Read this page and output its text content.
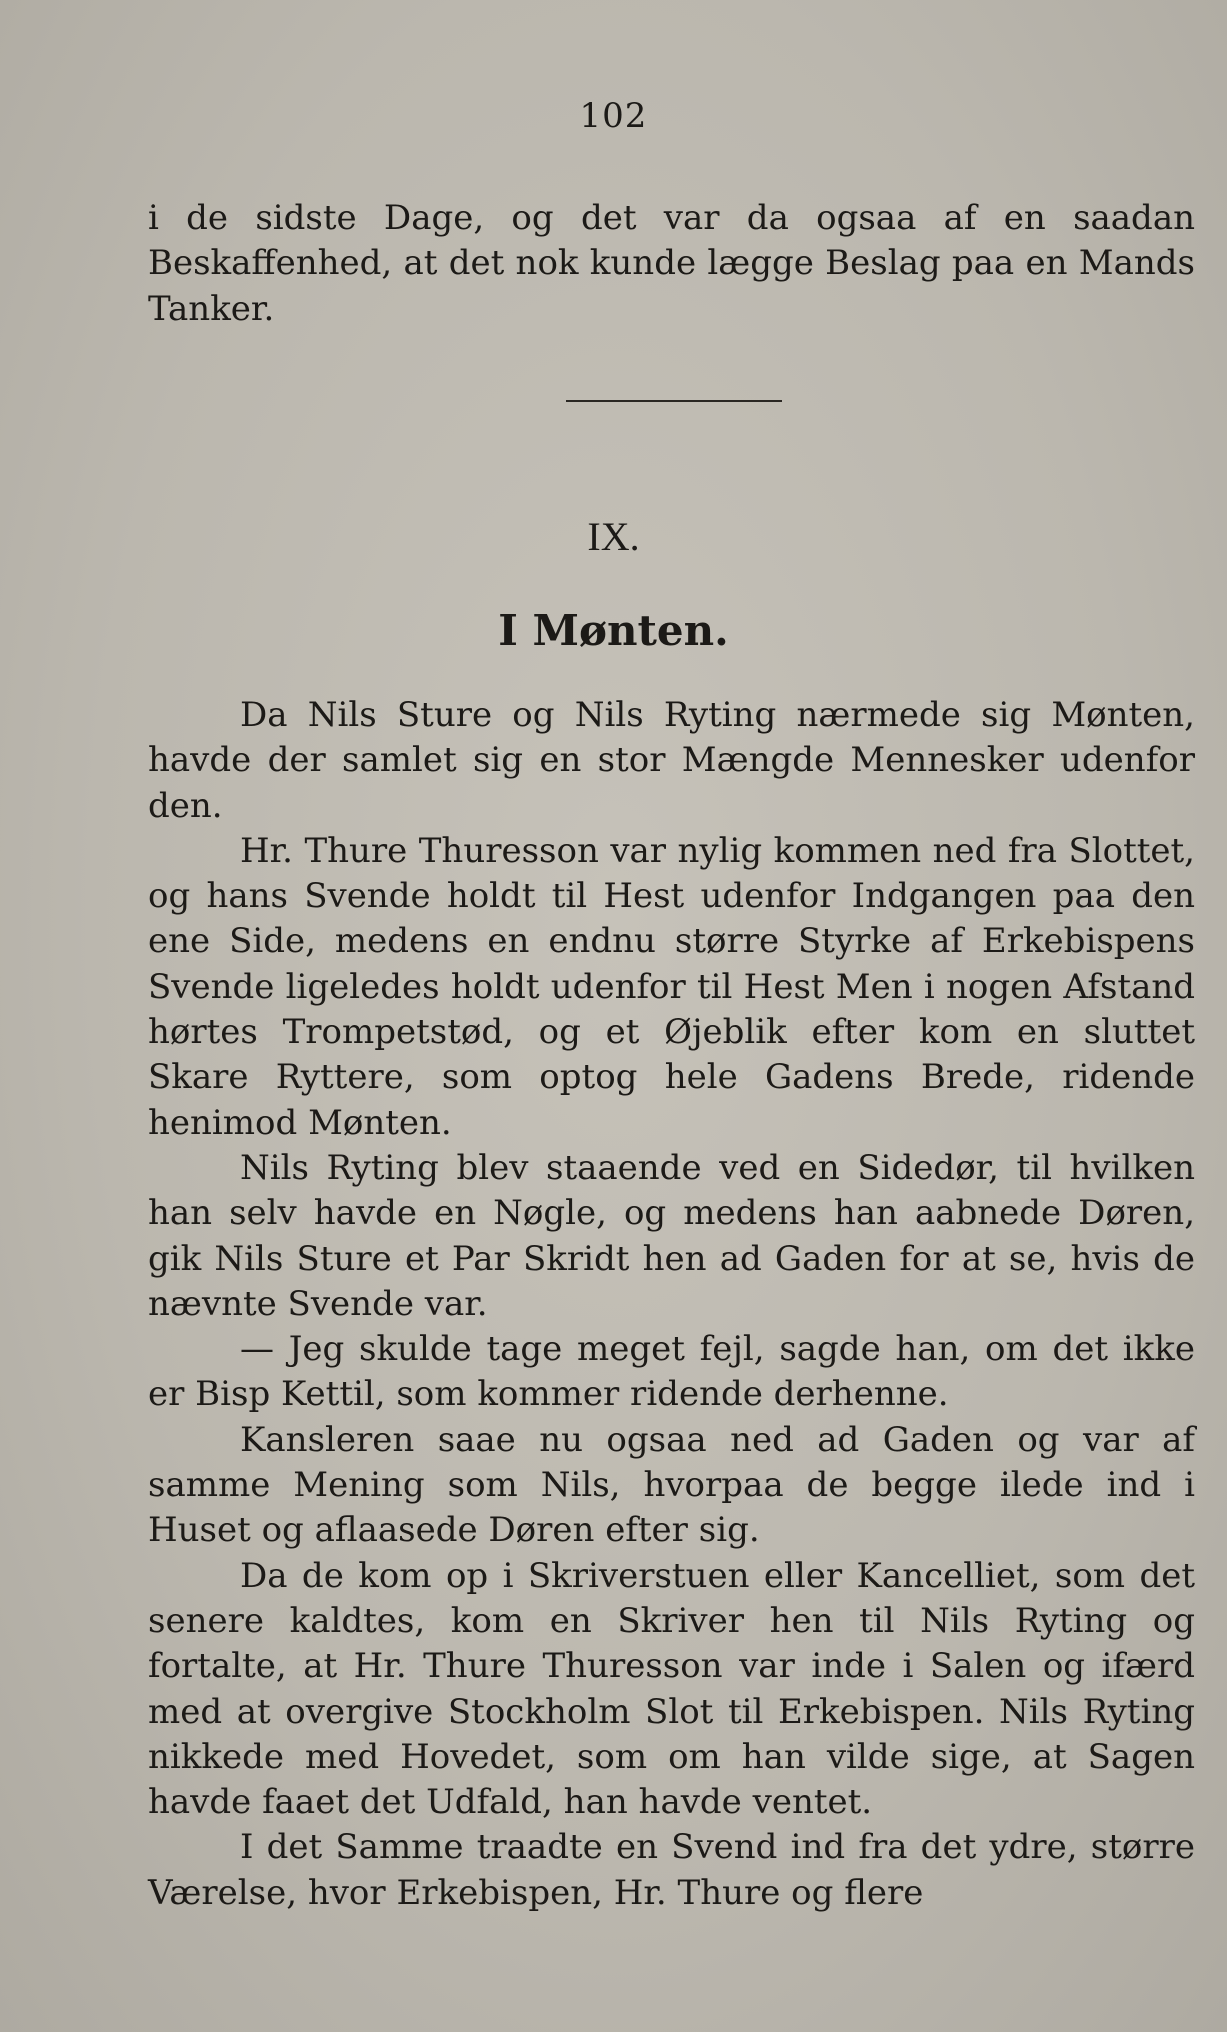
102

i de sidste Dage, og det var da ogsaa af en saadan Beskaffenhed, at det nok kunde lægge Beslag paa en Mands Tanker.

IX.
I Mønten.

Da Nils Sture og Nils Ryting nærmede sig Mønten, havde der samlet sig en stor Mængde Mennesker udenfor den.

Hr. Thure Thuresson var nylig kommen ned fra Slottet, og hans Svende holdt til Hest udenfor Indgangen paa den ene Side, medens en endnu større Styrke af Erkebispens Svende ligeledes holdt udenfor til Hest Men i nogen Afstand hørtes Trompetstød, og et Øjeblik efter kom en sluttet Skare Ryttere, som optog hele Gadens Brede, ridende henimod Mønten.

Nils Ryting blev staaende ved en Sidedør, til hvilken han selv havde en Nøgle, og medens han aabnede Døren, gik Nils Sture et Par Skridt hen ad Gaden for at se, hvis de nævnte Svende var.

— Jeg skulde tage meget fejl, sagde han, om det ikke er Bisp Kettil, som kommer ridende derhenne.

Kansleren saae nu ogsaa ned ad Gaden og var af samme Mening som Nils, hvorpaa de begge ilede ind i Huset og aflaasede Døren efter sig.

Da de kom op i Skriverstuen eller Kancelliet, som det senere kaldtes, kom en Skriver hen til Nils Ryting og fortalte, at Hr. Thure Thuresson var inde i Salen og ifærd med at overgive Stockholm Slot til Erkebispen. Nils Ryting nikkede med Hovedet, som om han vilde sige, at Sagen havde faaet det Udfald, han havde ventet.

I det Samme traadte en Svend ind fra det ydre, større Værelse, hvor Erkebispen, Hr. Thure og flere
